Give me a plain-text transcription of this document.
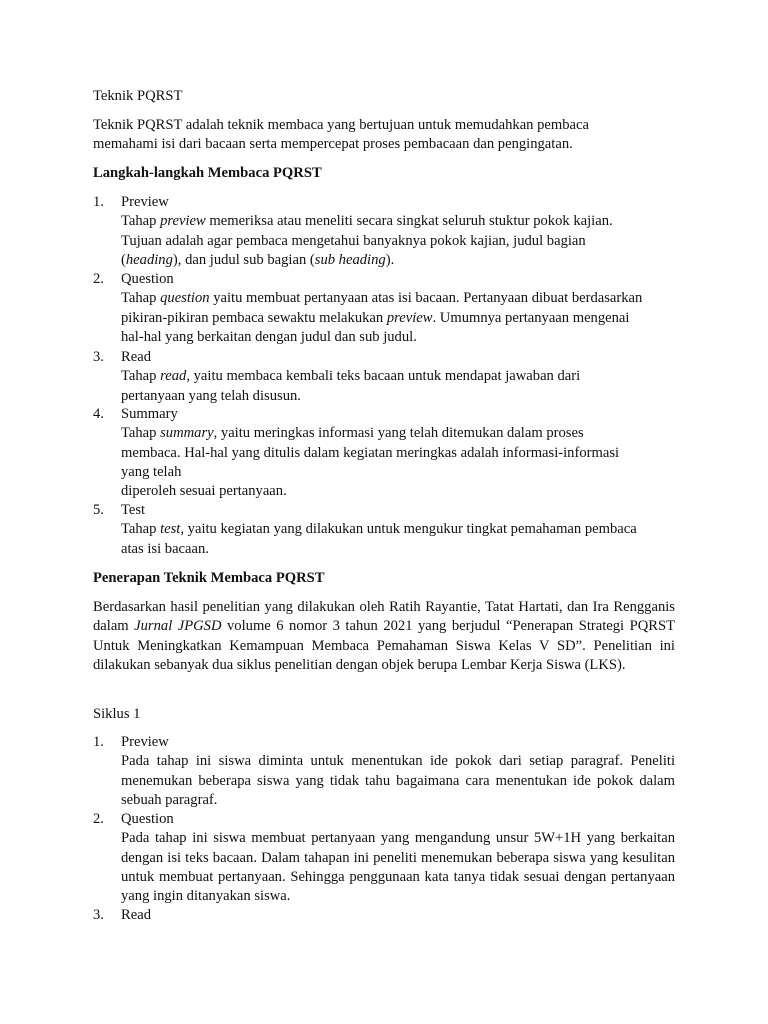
Teknik PQRST
Teknik PQRST adalah teknik membaca yang bertujuan untuk memudahkan pembaca
memahami isi dari bacaan serta mempercepat proses pembacaan dan pengingatan.
Langkah-langkah Membaca PQRST
1.	Preview
Tahap preview memeriksa atau meneliti secara singkat seluruh stuktur pokok kajian.
Tujuan adalah agar pembaca mengetahui banyaknya pokok kajian, judul bagian
(heading), dan judul sub bagian (sub heading).
2.	Question
Tahap question yaitu membuat pertanyaan atas isi bacaan. Pertanyaan dibuat berdasarkan
pikiran-pikiran pembaca sewaktu melakukan preview. Umumnya pertanyaan mengenai
hal-hal yang berkaitan dengan judul dan sub judul.
3.	Read
Tahap read, yaitu membaca kembali teks bacaan untuk mendapat jawaban dari
pertanyaan yang telah disusun.
4.	Summary
Tahap summary, yaitu meringkas informasi yang telah ditemukan dalam proses
membaca. Hal-hal yang ditulis dalam kegiatan meringkas adalah informasi-informasi
yang telah
diperoleh sesuai pertanyaan.
5.	Test
Tahap test, yaitu kegiatan yang dilakukan untuk mengukur tingkat pemahaman pembaca
atas isi bacaan.
Penerapan Teknik Membaca PQRST

Berdasarkan hasil penelitian yang dilakukan oleh Ratih Rayantie, Tatat Hartati, dan Ira Rengganis dalam Jurnal JPGSD volume 6 nomor 3 tahun 2021 yang berjudul “Penerapan Strategi PQRST Untuk Meningkatkan Kemampuan Membaca Pemahaman Siswa Kelas V SD”. Penelitian ini dilakukan sebanyak dua siklus penelitian dengan objek berupa Lembar Kerja Siswa (LKS).

Siklus 1
1.	Preview

Pada tahap ini siswa diminta untuk menentukan ide pokok dari setiap paragraf. Peneliti menemukan beberapa siswa yang tidak tahu bagaimana cara menentukan ide pokok dalam sebuah paragraf.

2.	Question

Pada tahap ini siswa membuat pertanyaan yang mengandung unsur 5W+1H yang berkaitan dengan isi teks bacaan. Dalam tahapan ini peneliti menemukan beberapa siswa yang kesulitan untuk membuat pertanyaan. Sehingga penggunaan kata tanya tidak sesuai dengan pertanyaan yang ingin ditanyakan siswa.

3.	Read
